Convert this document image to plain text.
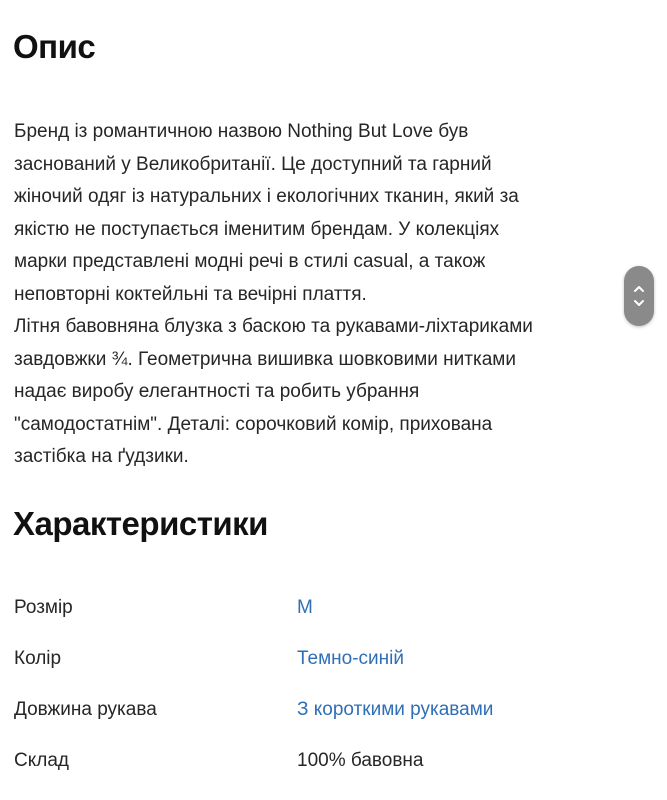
Опис
Бренд із романтичною назвою Nothing But Love був
заснований у Великобританії. Це доступний та гарний
жіночий одяг із натуральних і екологічних тканин, який за
якістю не поступається іменитим брендам. У колекціях
марки представлені модні речі в стилі casual, а також
неповторні коктейльні та вечірні плаття.
Літня бавовняна блузка з баскою та рукавами-ліхтариками
завдовжки ¾. Геометрична вишивка шовковими нитками
надає виробу елегантності та робить убрання
"самодостатнім". Деталі: сорочковий комір, прихована
застібка на ґудзики.
Характеристики
Розмір	M
Колір	Темно-синій
Довжина рукава	З короткими рукавами
Склад	100% бавовна
